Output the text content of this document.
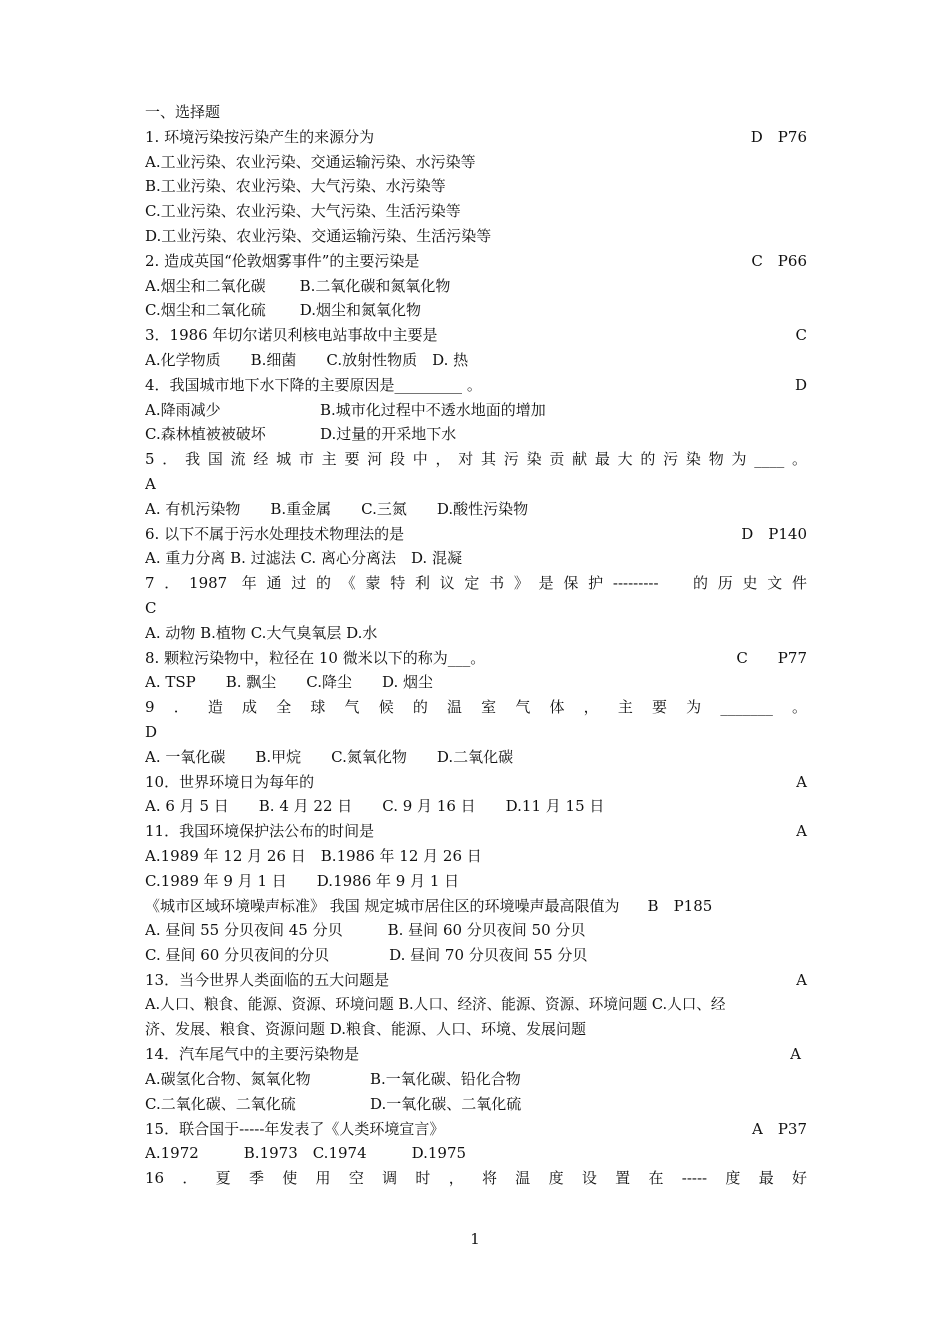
一、选择题
1. 环境污染按污染产生的来源分为	D　P76
A.工业污染、农业污染、交通运输污染、水污染等
B.工业污染、农业污染、大气污染、水污染等
C.工业污染、农业污染、大气污染、生活污染等
D.工业污染、农业污染、交通运输污染、生活污染等
2. 造成英国“伦敦烟雾事件”的主要污染是	C　P66
A.烟尘和二氧化碳 B.二氧化碳和氮氧化物
C.烟尘和二氧化硫 D.烟尘和氮氧化物
3．1986 年切尔诺贝利核电站事故中主要是	C
A.化学物质　　B.细菌　　C.放射性物质　D. 热
4．我国城市地下水下降的主要原因是_________ 。	D
A.降雨减少	B.城市化过程中不透水地面的增加
C.森林植被被破坏	D.过量的开采地下水
5．我国流经城市主要河段中，对其污染贡献最大的污染物为____。
A
A. 有机污染物　　B.重金属　　C.三氮　　D.酸性污染物
6. 以下不属于污水处理技术物理法的是	D　P140
A. 重力分离 B. 过滤法 C. 离心分离法　D. 混凝
7．1987 年通过的《蒙特利议定书》是保护---------　的历史文件
C
A. 动物 B.植物 C.大气臭氧层 D.水
8. 颗粒污染物中，粒径在 10 微米以下的称为___。	C　　P77
A. TSP　　B. 飘尘　　C.降尘　　D. 烟尘
9．造成全球气候的温室气体，主要为_______。
D
A. 一氧化碳　　B.甲烷　　C.氮氧化物　　D.二氧化碳
10．世界环境日为每年的	A
A. 6 月 5 日　　B. 4 月 22 日　　C. 9 月 16 日　　D.11 月 15 日
11．我国环境保护法公布的时间是	A
A.1989 年 12 月 26 日　B.1986 年 12 月 26 日
C.1989 年 9 月 1 日　　D.1986 年 9 月 1 日
《城市区域环境噪声标准》 我国 规定城市居住区的环境噪声最高限值为	B　P185
A. 昼间 55 分贝夜间 45 分贝　　　B. 昼间 60 分贝夜间 50 分贝
C. 昼间 60 分贝夜间的分贝　　　　D. 昼间 70 分贝夜间 55 分贝
13．当今世界人类面临的五大问题是	A
A.人口、粮食、能源、资源、环境问题 B.人口、经济、能源、资源、环境问题 C.人口、经
济、发展、粮食、资源问题 D.粮食、能源、人口、环境、发展问题
14．汽车尾气中的主要污染物是	A
A.碳氢化合物、氮氧化物	B.一氧化碳、铅化合物
C.二氧化碳、二氧化硫	D.一氧化碳、二氧化硫
15．联合国于-----年发表了《人类环境宣言》	A　P37
A.1972　　　B.1973　C.1974　　　D.1975
16．夏季使用空调时，将温度设置在-----度最好
1
